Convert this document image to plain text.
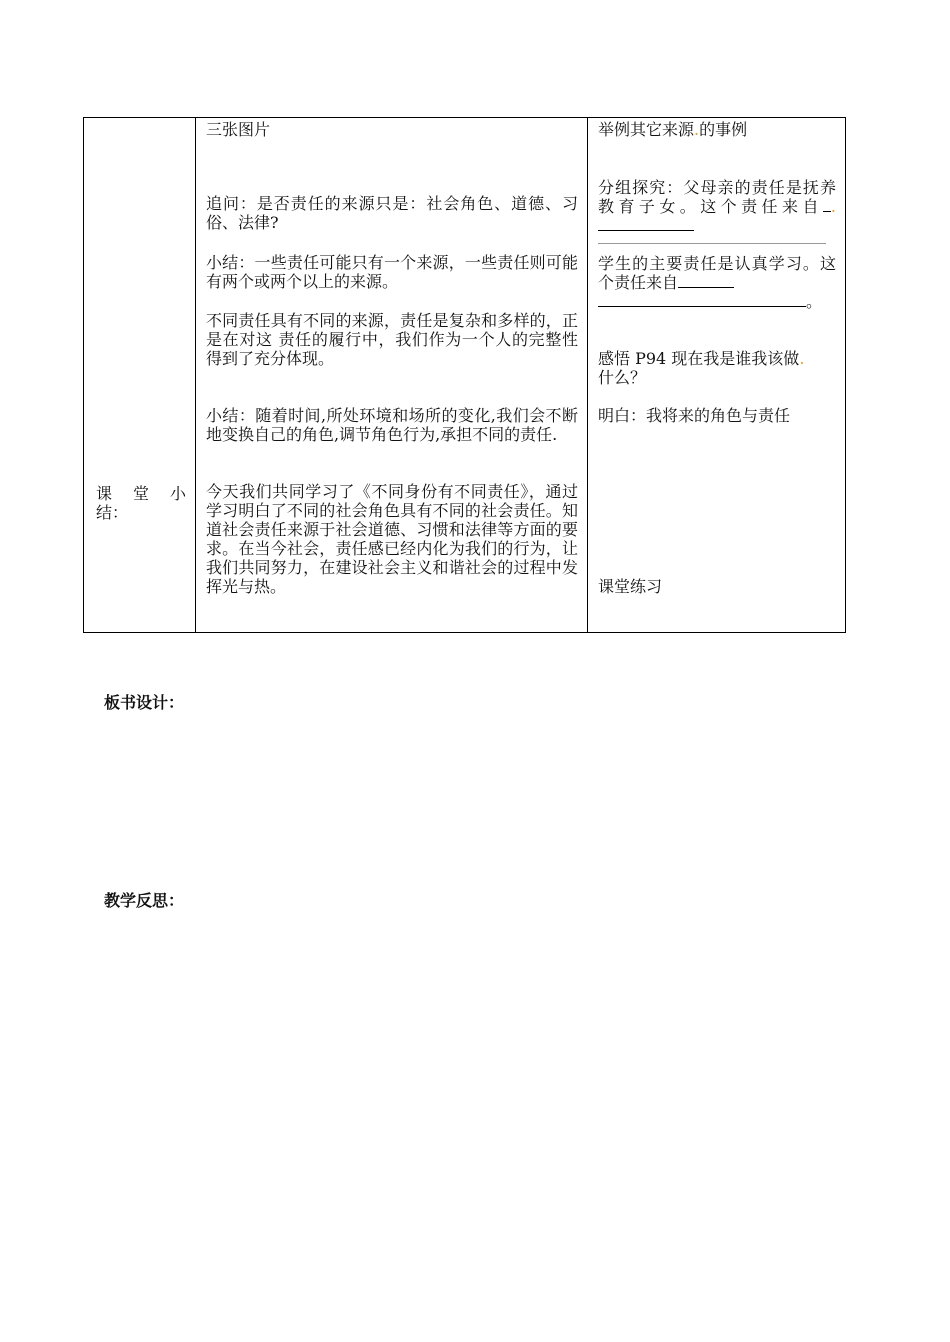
课 堂 小
结：
三张图片
追问：是否责任的来源只是：社会角色、道德、习俗、法律?
小结：一些责任可能只有一个来源，一些责任则可能有两个或两个以上的来源。
不同责任具有不同的来源，责任是复杂和多样的，正是在对这 责任的履行中，我们作为一个人的完整性得到了充分体现。
小结：随着时间,所处环境和场所的变化,我们会不断地变换自己的角色,调节角色行为,承担不同的责任.
今天我们共同学习了《不同身份有不同责任》，通过学习明白了不同的社会角色具有不同的社会责任。知道社会责任来源于社会道德、习惯和法律等方面的要求。在当今社会，责任感已经内化为我们的行为，让我们共同努力，在建设社会主义和谐社会的过程中发挥光与热。
举例其它来源.的事例
分组探究：父母亲的责任是抚养教育子女。这个责任来自 .
学生的主要责任是认真学习。这个责任来自
。
感悟 P94 现在我是谁我该做.
什么？
明白：我将来的角色与责任
课堂练习
板书设计：
教学反思：
